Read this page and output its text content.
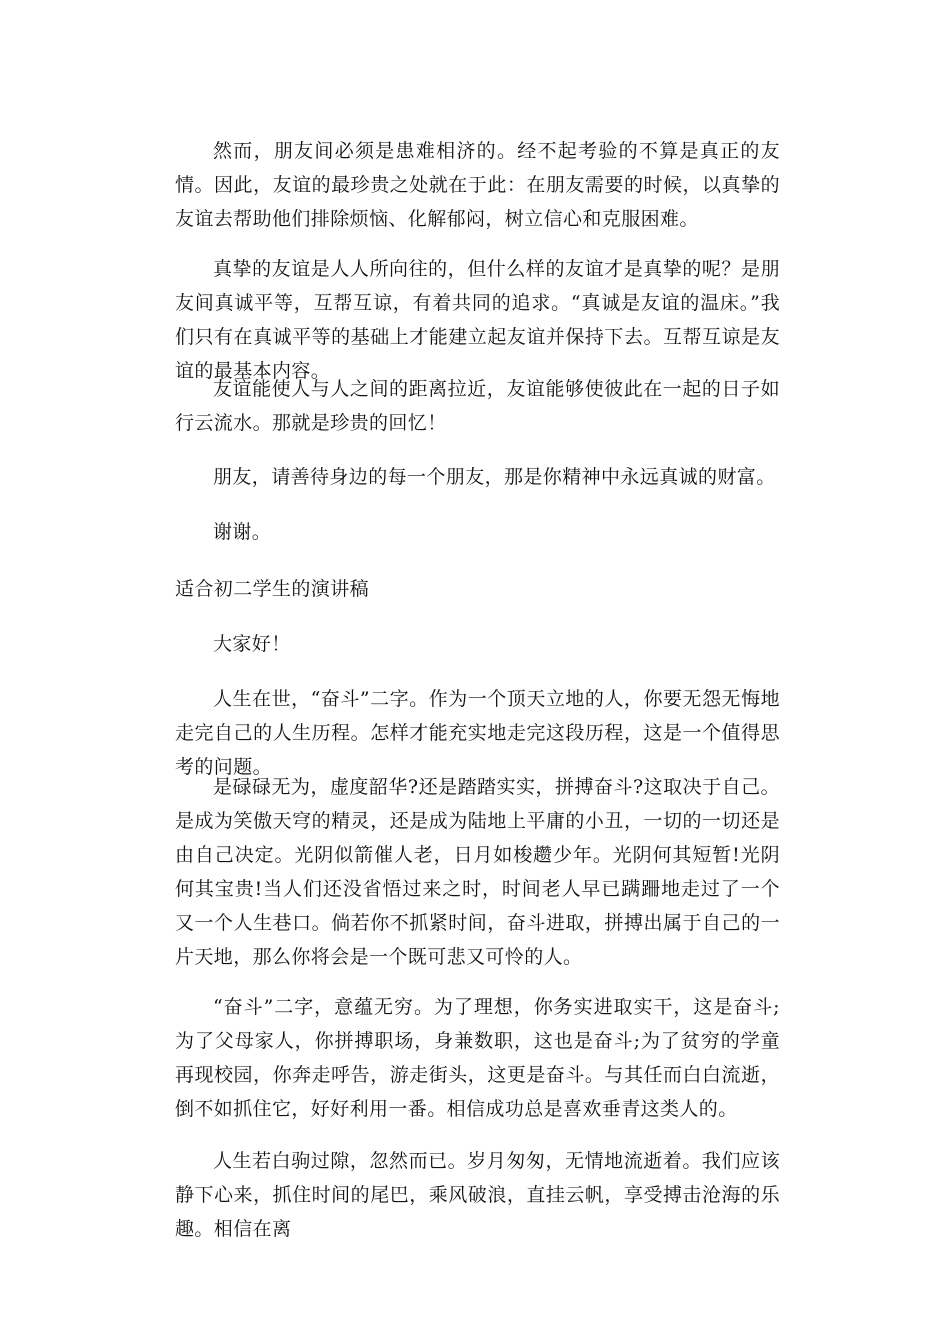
然而，朋友间必须是患难相济的。经不起考验的不算是真正的友情。因此，友谊的最珍贵之处就在于此：在朋友需要的时候，以真挚的友谊去帮助他们排除烦恼、化解郁闷，树立信心和克服困难。

真挚的友谊是人人所向往的，但什么样的友谊才是真挚的呢？是朋友间真诚平等，互帮互谅，有着共同的追求。“真诚是友谊的温床。”我们只有在真诚平等的基础上才能建立起友谊并保持下去。互帮互谅是友谊的最基本内容。

友谊能使人与人之间的距离拉近，友谊能够使彼此在一起的日子如行云流水。那就是珍贵的回忆！

朋友，请善待身边的每一个朋友，那是你精神中永远真诚的财富。

谢谢。

适合初二学生的演讲稿

大家好！

人生在世，“奋斗”二字。作为一个顶天立地的人，你要无怨无悔地走完自己的人生历程。怎样才能充实地走完这段历程，这是一个值得思考的问题。

是碌碌无为，虚度韶华?还是踏踏实实，拼搏奋斗?这取决于自己。是成为笑傲天穹的精灵，还是成为陆地上平庸的小丑，一切的一切还是由自己决定。光阴似箭催人老，日月如梭趱少年。光阴何其短暂!光阴何其宝贵!当人们还没省悟过来之时，时间老人早已蹒跚地走过了一个又一个人生巷口。倘若你不抓紧时间，奋斗进取，拼搏出属于自己的一片天地，那么你将会是一个既可悲又可怜的人。

“奋斗”二字，意蕴无穷。为了理想，你务实进取实干，这是奋斗;为了父母家人，你拼搏职场，身兼数职，这也是奋斗;为了贫穷的学童再现校园，你奔走呼告，游走街头，这更是奋斗。与其任而白白流逝，倒不如抓住它，好好利用一番。相信成功总是喜欢垂青这类人的。

人生若白驹过隙，忽然而已。岁月匆匆，无情地流逝着。我们应该静下心来，抓住时间的尾巴，乘风破浪，直挂云帆，享受搏击沧海的乐趣。相信在离
